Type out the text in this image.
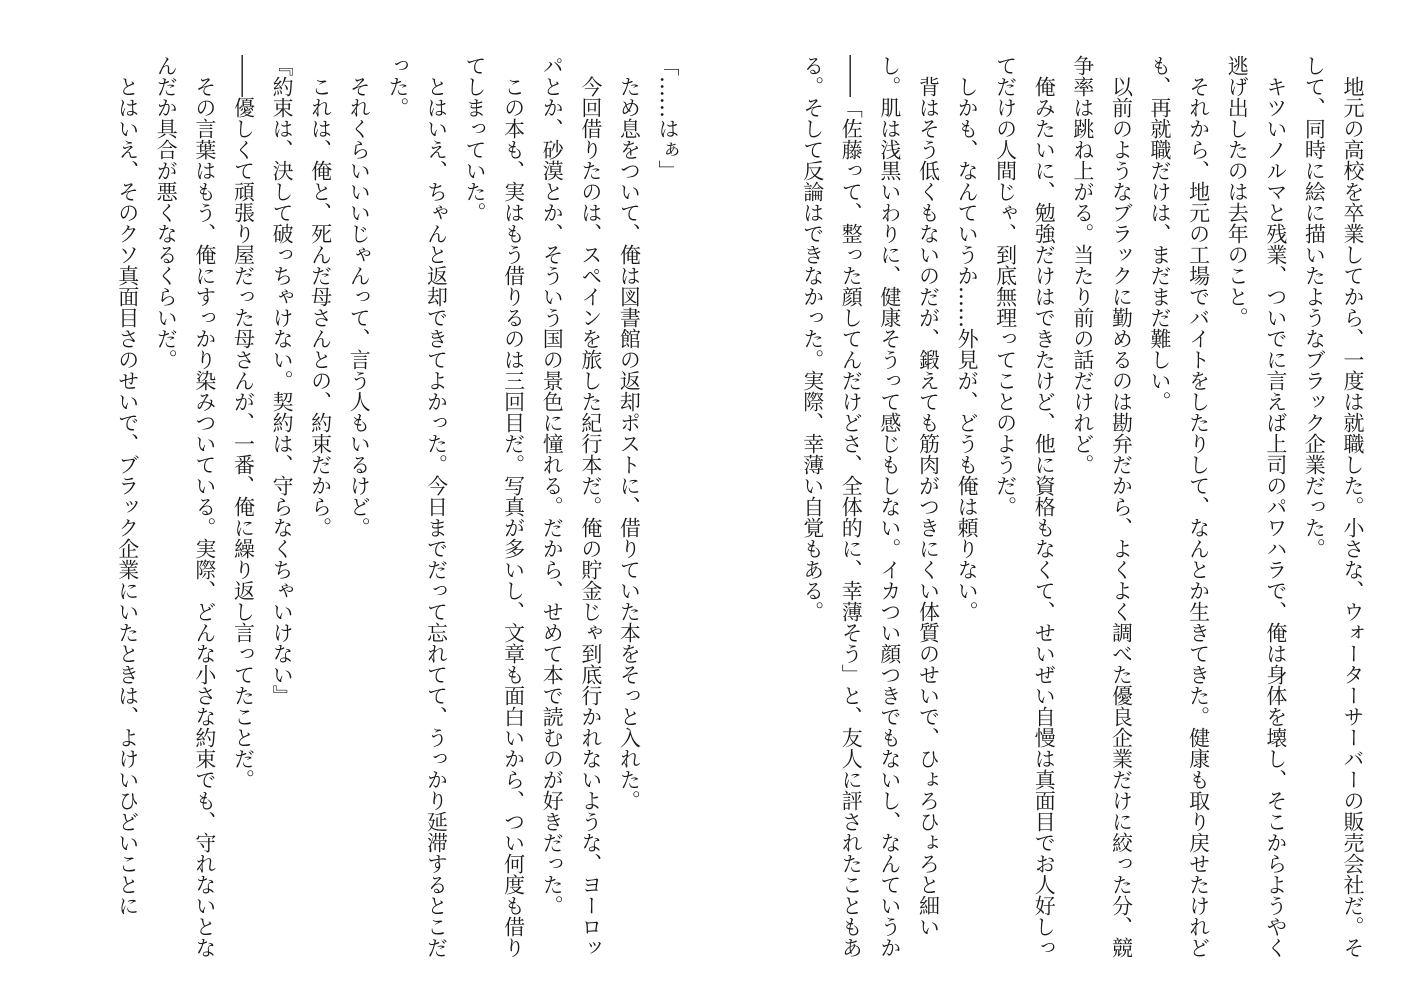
地元の高校を卒業してから、一度は就職した。小さな、ウォーターサーバーの販売会社だ。そして、同時に絵に描いたようなブラック企業だった。

キツいノルマと残業、ついでに言えば上司のパワハラで、俺は身体を壊し、そこからようやく逃げ出したのは去年のこと。

それから、地元の工場でバイトをしたりして、なんとか生きてきた。健康も取り戻せたけれども、再就職だけは、まだまだ難しい。

以前のようなブラックに勤めるのは勘弁だから、よくよく調べた優良企業だけに絞った分、競争率は跳ね上がる。当たり前の話だけれど。

俺みたいに、勉強だけはできたけど、他に資格もなくて、せいぜい自慢は真面目でお人好しってだけの人間じゃ、到底無理ってことのようだ。

しかも、なんていうか……外見が、どうも俺は頼りない。

背はそう低くもないのだが、鍛えても筋肉がつきにくい体質のせいで、ひょろひょろと細いし。肌は浅黒いわりに、健康そうって感じもしない。イカつい顔つきでもないし、なんていうか――「佐藤って、整った顔してんだけどさ、全体的に、幸薄そう」と、友人に評されたこともある。そして反論はできなかった。実際、幸薄い自覚もある。

「……はぁ」

ため息をついて、俺は図書館の返却ポストに、借りていた本をそっと入れた。

今回借りたのは、スペインを旅した紀行本だ。俺の貯金じゃ到底行かれないような、ヨーロッパとか、砂漠とか、そういう国の景色に憧れる。だから、せめて本で読むのが好きだった。

この本も、実はもう借りるのは三回目だ。写真が多いし、文章も面白いから、つい何度も借りてしまっていた。

とはいえ、ちゃんと返却できてよかった。今日までだって忘れてて、うっかり延滞するとこだった。

それくらいいいじゃんって、言う人もいるけど。

これは、俺と、死んだ母さんとの、約束だから。

『約束は、決して破っちゃけない。契約は、守らなくちゃいけない』

――優しくて頑張り屋だった母さんが、一番、俺に繰り返し言ってたことだ。

その言葉はもう、俺にすっかり染みついている。実際、どんな小さな約束でも、守れないとなんだか具合が悪くなるくらいだ。

とはいえ、そのクソ真面目さのせいで、ブラック企業にいたときは、よけいひどいことに
